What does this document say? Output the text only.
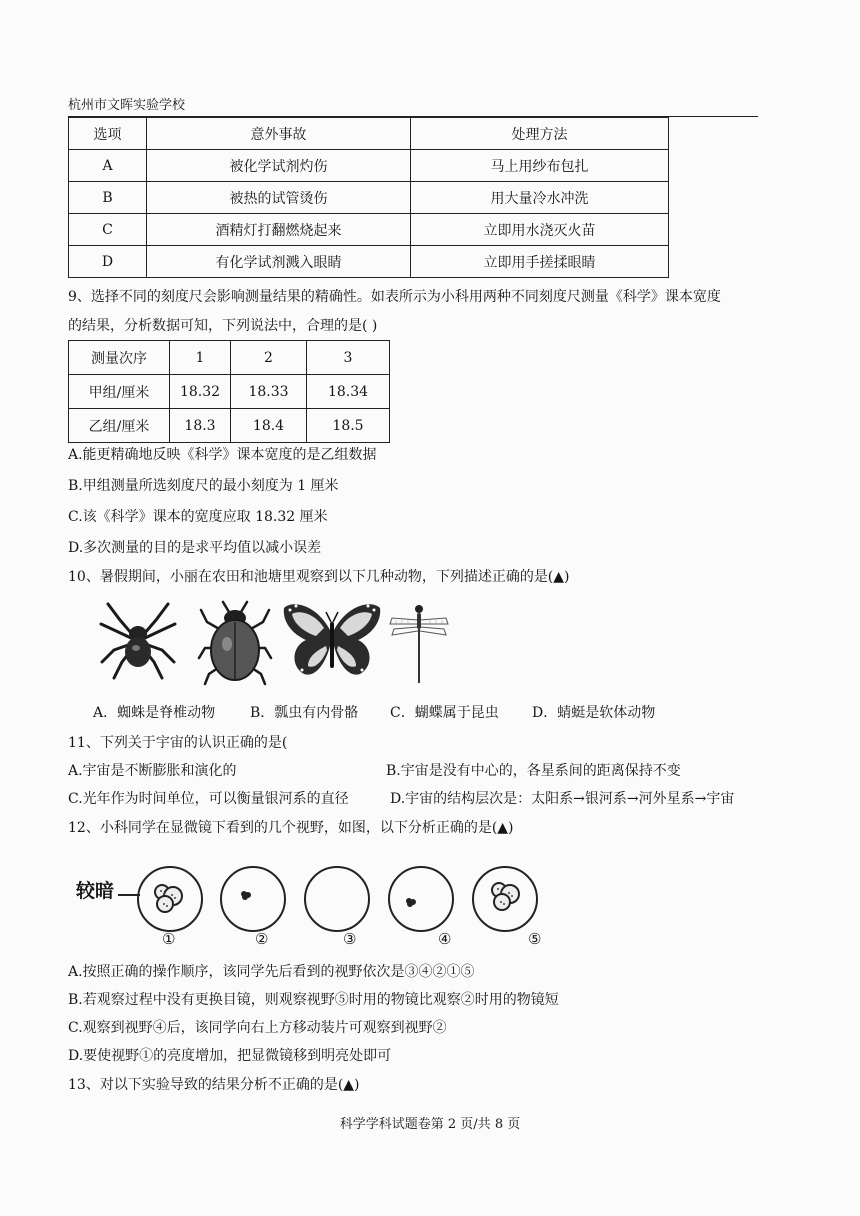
杭州市文晖实验学校
选项	意外事故	处理方法
A	被化学试剂灼伤	马上用纱布包扎
B	被热的试管烫伤	用大量冷水冲洗
C	酒精灯打翻燃烧起来	立即用水浇灭火苗
D	有化学试剂溅入眼睛	立即用手搓揉眼睛
9、选择不同的刻度尺会影响测量结果的精确性。如表所示为小科用两种不同刻度尺测量《科学》课本宽度
的结果，分析数据可知，下列说法中，合理的是( )
测量次序	1	2	3
甲组/厘米	18.32	18.33	18.34
乙组/厘米	18.3	18.4	18.5
A.能更精确地反映《科学》课本宽度的是乙组数据
B.甲组测量所选刻度尺的最小刻度为 1 厘米
C.该《科学》课本的宽度应取 18.32 厘米
D.多次测量的目的是求平均值以减小误差
10、暑假期间，小丽在农田和池塘里观察到以下几种动物，下列描述正确的是(▲)
A．蜘蛛是脊椎动物 B．瓢虫有内骨骼 C．蝴蝶属于昆虫 D．蜻蜓是软体动物
11、下列关于宇宙的认识正确的是(
A.宇宙是不断膨胀和演化的	B.宇宙是没有中心的，各星系间的距离保持不变
C.光年作为时间单位，可以衡量银河系的直径	D.宇宙的结构层次是：太阳系→银河系→河外星系→宇宙
12、小科同学在显微镜下看到的几个视野，如图，以下分析正确的是(▲)
较暗
①	②	③	④	⑤
A.按照正确的操作顺序，该同学先后看到的视野依次是③④②①⑤
B.若观察过程中没有更换目镜，则观察视野⑤时用的物镜比观察②时用的物镜短
C.观察到视野④后，该同学向右上方移动装片可观察到视野②
D.要使视野①的亮度增加，把显微镜移到明亮处即可
13、对以下实验导致的结果分析不正确的是(▲)
科学学科试题卷第 2 页/共 8 页
